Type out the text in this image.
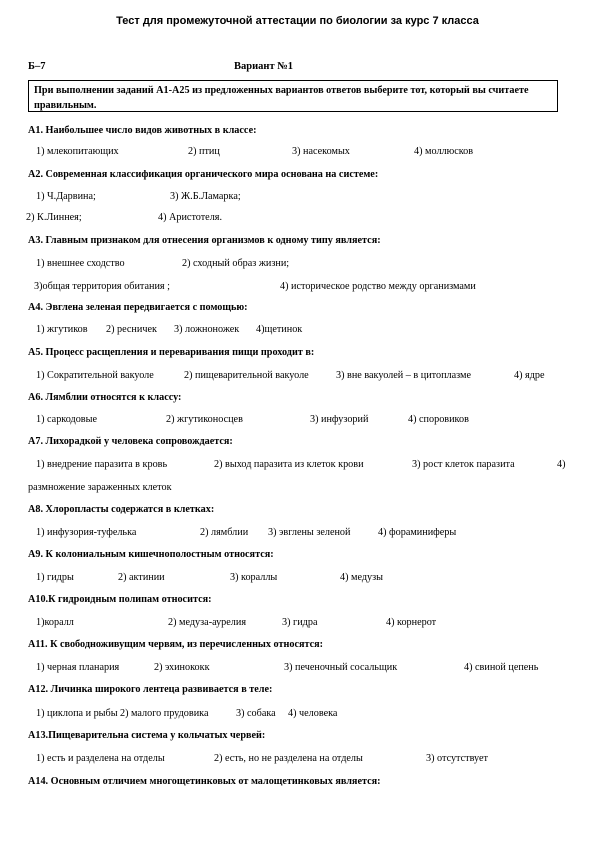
Тест для промежуточной аттестации по биологии за курс 7 класса
Б–7	Вариант №1
При выполнении заданий А1-А25 из предложенных вариантов ответов выберите тот, который вы считаете правильным.
А1. Наибольшее число видов животных в классе:
1) млекопитающих	2) птиц	3) насекомых	4) моллюсков
А2. Современная классификация органического мира основана на системе:
1) Ч.Дарвина;	3) Ж.Б.Ламарка;
2) К.Линнея;	4) Аристотеля.
А3. Главным признаком для отнесения организмов к одному типу является:
1) внешнее сходство	2) сходный образ жизни;
3)общая территория обитания ;	4) историческое родство между организмами
А4. Эвглена зеленая передвигается с помощью:
1) жгутиков 2) ресничек 3) ложноножек 4)щетинок
А5. Процесс расщепления и переваривания пищи проходит в:
1) Сократительной вакуоле	2) пищеварительной вакуоле	3) вне вакуолей – в цитоплазме	4) ядре
А6. Лямблии относятся к классу:
1) саркодовые	2) жгутиконосцев	3) инфузорий	4) споровиков
А7. Лихорадкой у человека сопровождается:
1) внедрение паразита в кровь	2) выход паразита из клеток крови	3) рост клеток паразита	4)
размножение зараженных клеток
А8. Хлоропласты содержатся в клетках:
1) инфузория-туфелька	2) лямблии 3) эвглены зеленой	4) фораминиферы
А9. К колониальным кишечнополостным относятся:
1) гидры	2) актинии	3) кораллы	4) медузы
А10.К гидроидным полипам относится:
1)коралл	2) медуза-аурелия	3) гидра	4) корнерот
А11. К свободноживущим червям, из перечисленных относятся:
1) черная планария	2) эхинококк	3) печеночный сосальщик	4) свиной цепень
А12. Личинка широкого лентеца развивается в теле:
1) циклопа и рыбы 2) малого прудовика	3) собака 4) человека
А13.Пищеварительна система у кольчатых червей:
1) есть и разделена на отделы	2) есть, но не разделена на отделы	3) отсутствует
А14. Основным отличием многощетинковых от малощетинковых является:
